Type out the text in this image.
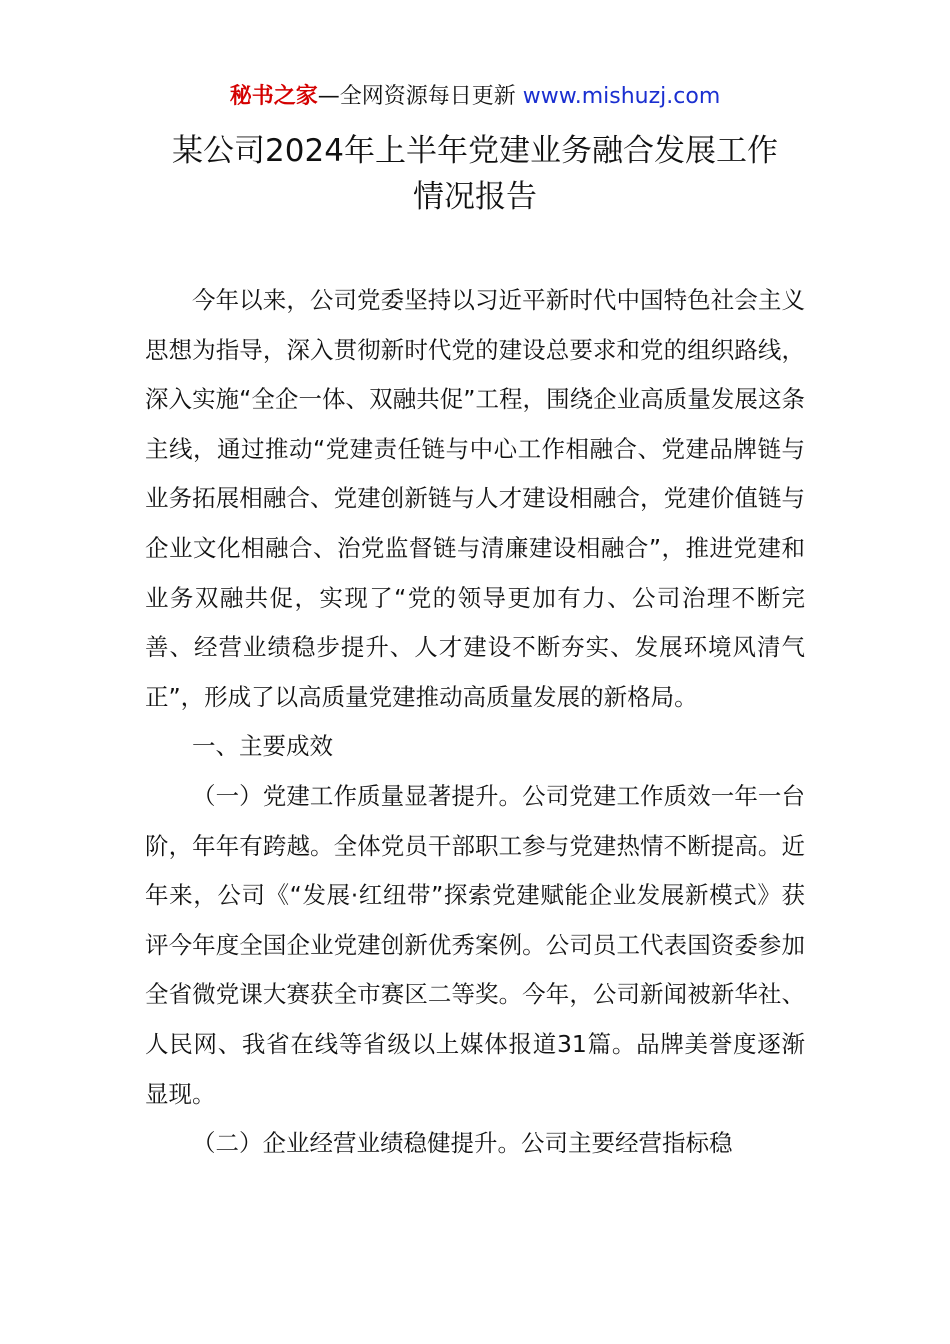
秘书之家—全网资源每日更新 www.mishuzj.com
某公司2024年上半年党建业务融合发展工作
情况报告

今年以来，公司党委坚持以习近平新时代中国特色社会主义思想为指导，深入贯彻新时代党的建设总要求和党的组织路线，深入实施“全企一体、双融共促”工程，围绕企业高质量发展这条主线，通过推动“党建责任链与中心工作相融合、党建品牌链与业务拓展相融合、党建创新链与人才建设相融合，党建价值链与企业文化相融合、治党监督链与清廉建设相融合”，推进党建和业务双融共促，实现了“党的领导更加有力、公司治理不断完善、经营业绩稳步提升、人才建设不断夯实、发展环境风清气正”，形成了以高质量党建推动高质量发展的新格局。

一、主要成效

（一）党建工作质量显著提升。公司党建工作质效一年一台阶，年年有跨越。全体党员干部职工参与党建热情不断提高。近年来，公司《“发展·红纽带”探索党建赋能企业发展新模式》获评今年度全国企业党建创新优秀案例。公司员工代表国资委参加全省微党课大赛获全市赛区二等奖。今年，公司新闻被新华社、人民网、我省在线等省级以上媒体报道31篇。品牌美誉度逐渐显现。

（二）企业经营业绩稳健提升。公司主要经营指标稳
